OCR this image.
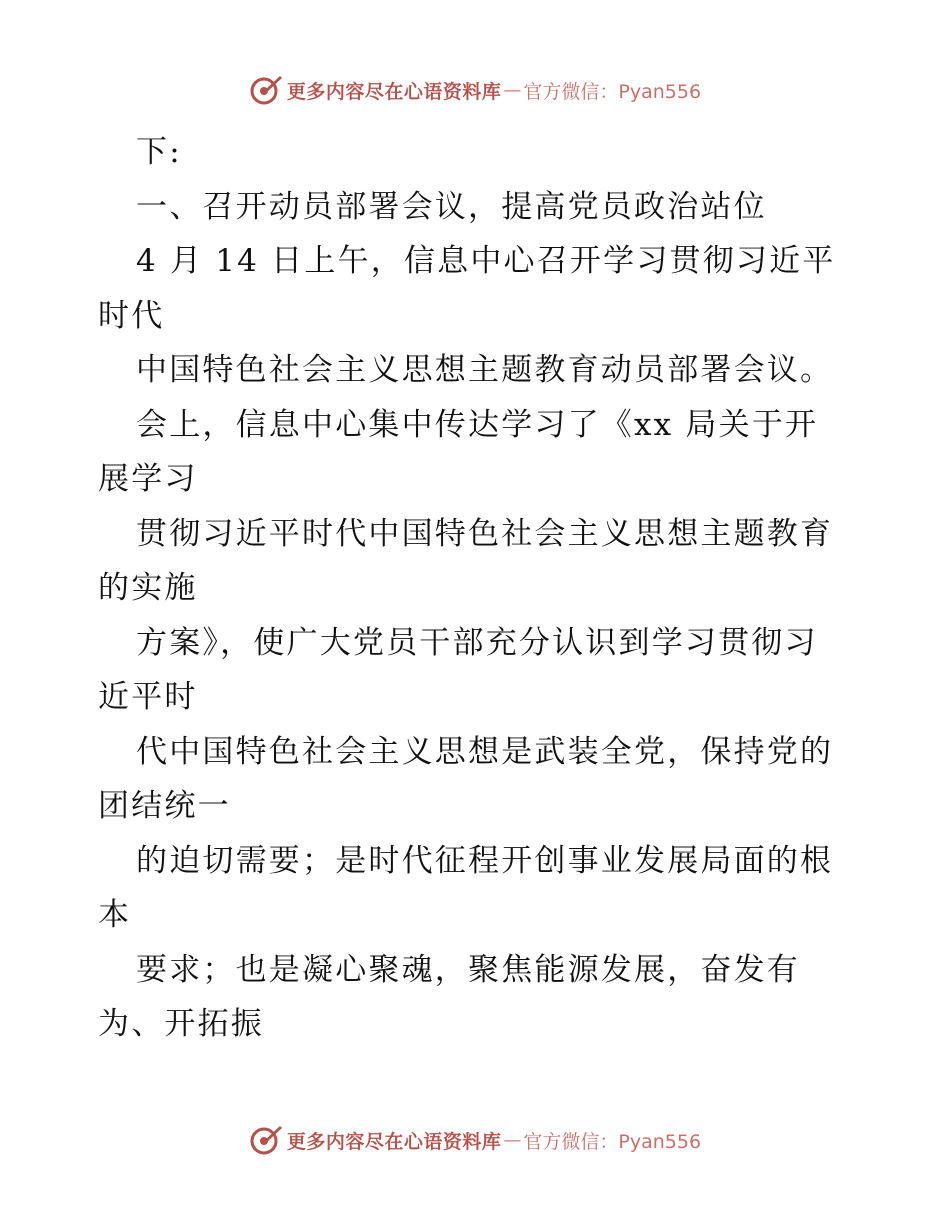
更多内容尽在心语资料库 — 官方微信：Pyan556
下:
一、召开动员部署会议，提高党员政治站位
4 月 14 日上午，信息中心召开学习贯彻习近平
时代
中国特色社会主义思想主题教育动员部署会议。
会上，信息中心集中传达学习了《xx 局关于开
展学习
贯彻习近平时代中国特色社会主义思想主题教育
的实施
方案》，使广大党员干部充分认识到学习贯彻习
近平时
代中国特色社会主义思想是武装全党，保持党的
团结统一
的迫切需要；是时代征程开创事业发展局面的根
本
要求；也是凝心聚魂，聚焦能源发展，奋发有
为、开拓振
更多内容尽在心语资料库 — 官方微信：Pyan556
